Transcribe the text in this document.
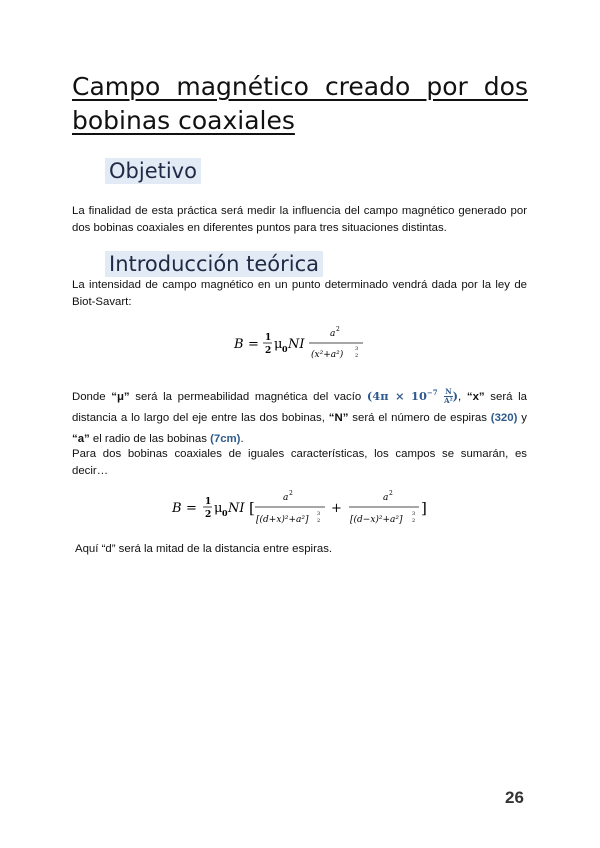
Campo magnético creado por dos bobinas coaxiales
Objetivo

La finalidad de esta práctica será medir la influencia del campo magnético generado por dos bobinas coaxiales en diferentes puntos para tres situaciones distintas.

Introducción teórica

La intensidad de campo magnético en un punto determinado vendrá dada por la ley de Biot-Savart:

B = 1
2 μ 0 NI
a 2
(x²+a²)
3
2

Donde “μ” será la permeabilidad magnética del vacío ($4\pi \times 10^{-7} \frac{N}{\text{A²}}$ ), “x” será la distancia a lo largo del eje entre las dos bobinas, “N” será el número de espiras (320) y “a” el radio de las bobinas (7cm).

Para dos bobinas coaxiales de iguales características, los campos se sumarán, es decir…

B = 1
2 μ 0 NI [
a 2
[(d+x)²+a²]
3
2
+
a 2
[(d−x)²+a²]
3
2
]

Aquí “d” será la mitad de la distancia entre espiras.

26
